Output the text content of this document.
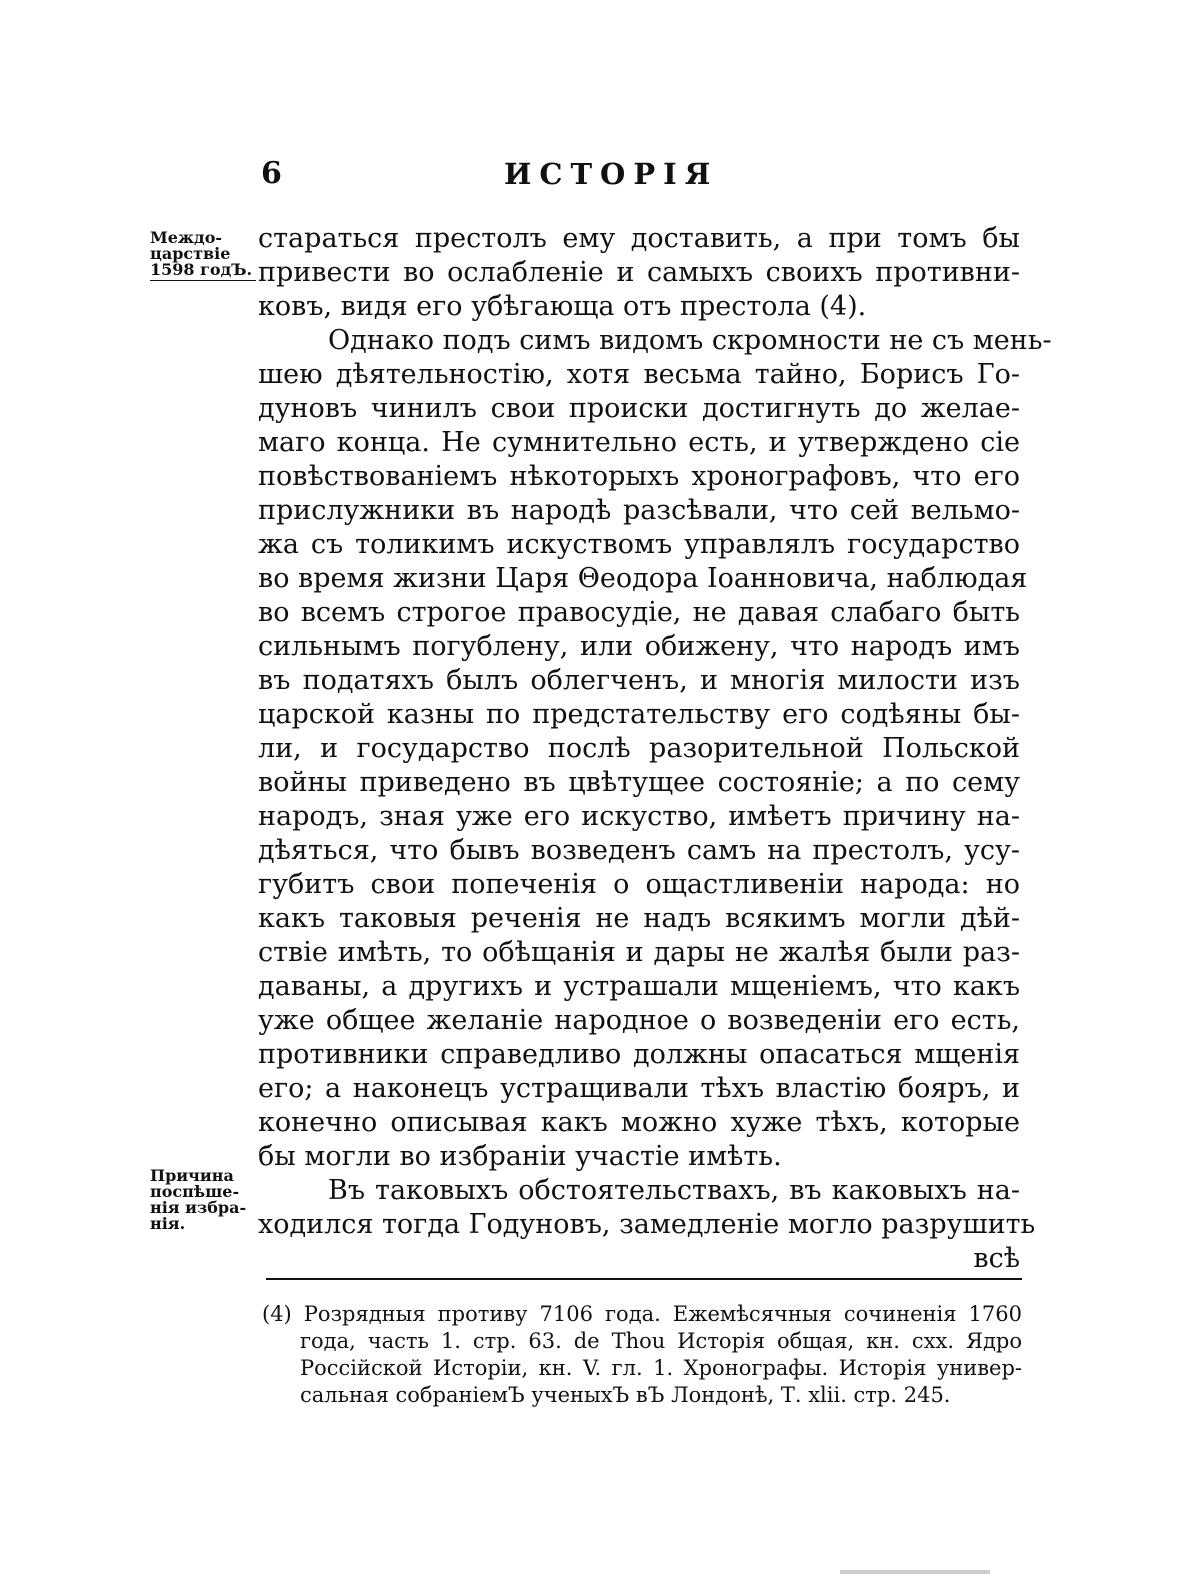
6	ИСТОРІЯ
Междо-
царствіе
1598 годЪ.
Причина
поспѣше-
нія избра-
нія.
стараться престолъ ему доставить, а при томъ бы
привести во ослабленіе и самыхъ своихъ противни-
ковъ, видя его убѣгающа отъ престола (4).
Однако подъ симъ видомъ скромности не съ мень-
шею дѣятельностію, хотя весьма тайно, Борисъ Го-
дуновъ чинилъ свои происки достигнуть до желае-
маго конца. Не сумнительно есть, и утверждено сіе
повѣствованіемъ нѣкоторыхъ хронографовъ, что его
прислужники въ народѣ разсѣвали, что сей вельмо-
жа съ толикимъ искуствомъ управлялъ государство
во время жизни Царя Θеодора Іоанновича, наблюдая
во всемъ строгое правосудіе, не давая слабаго быть
сильнымъ погублену, или обижену, что народъ имъ
въ податяхъ былъ облегченъ, и многія милости изъ
царской казны по предстательству его содѣяны бы-
ли, и государство послѣ разорительной Польской
войны приведено въ цвѣтущее состояніе; а по сему
народъ, зная уже его искуство, имѣетъ причину на-
дѣяться, что бывъ возведенъ самъ на престолъ, усу-
губитъ свои попеченія о ощастливеніи народа: но
какъ таковыя реченія не надъ всякимъ могли дѣй-
ствіе имѣть, то обѣщанія и дары не жалѣя были раз-
даваны, а другихъ и устрашали мщеніемъ, что какъ
уже общее желаніе народное о возведеніи его есть,
противники справедливо должны опасаться мщенія
его; а наконецъ устращивали тѣхъ властію бояръ, и
конечно описывая какъ можно хуже тѣхъ, которые
бы могли во избраніи участіе имѣть.
Въ таковыхъ обстоятельствахъ, въ каковыхъ на-
ходился тогда Годуновъ, замедленіе могло разрушить
всѣ
(4) Розрядныя противу 7106 года. Ежемѣсячныя сочиненія 1760
года, часть 1. стр. 63. de Thou Исторія общая, кн. cxx. Ядро
Россійской Исторіи, кн. V. гл. 1. Хронографы. Исторія универ-
сальная собраніемЪ ученыхЪ вЪ Лондонѣ, Т. xlii. стр. 245.
